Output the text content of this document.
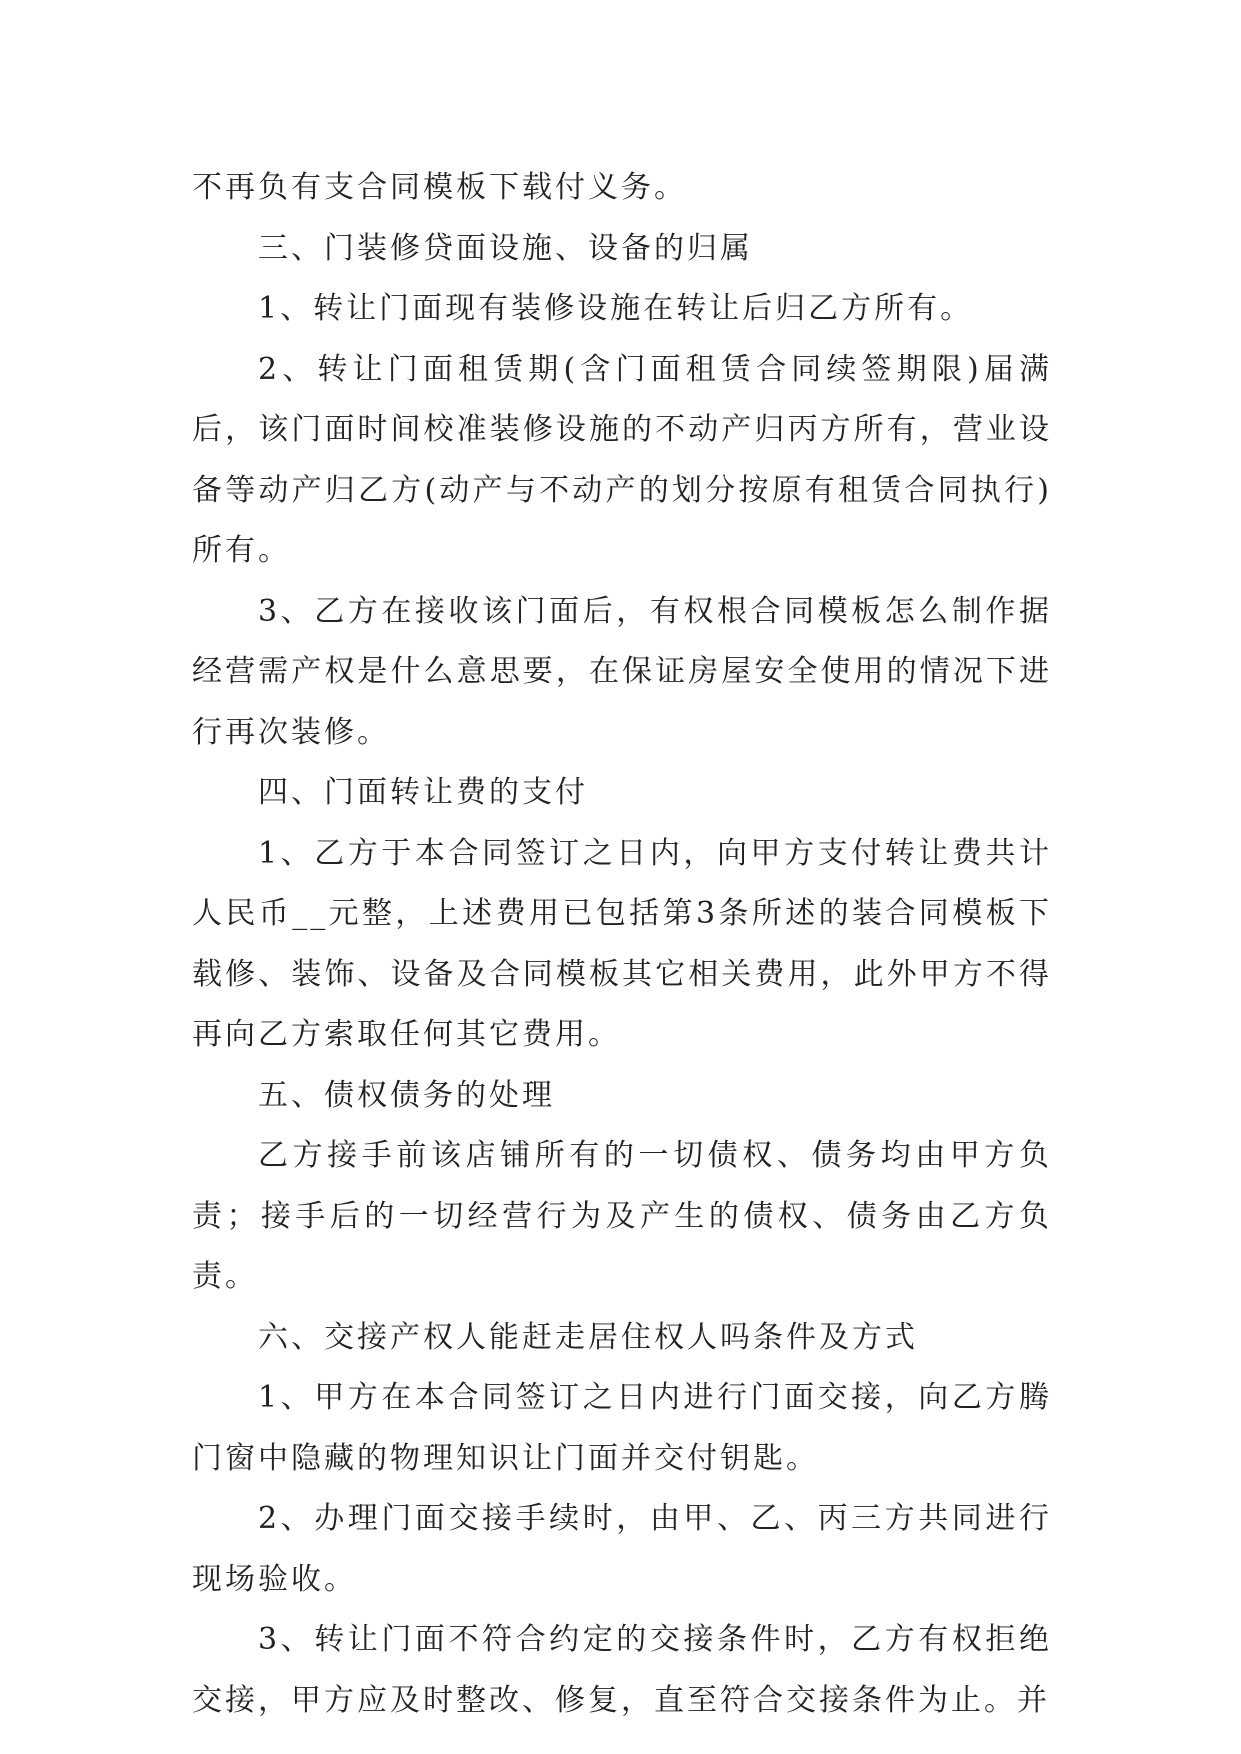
不再负有支合同模板下载付义务。

三、门装修贷面设施、设备的归属

1、转让门面现有装修设施在转让后归乙方所有。

2、转让门面租赁期(含门面租赁合同续签期限)届满后，该门面时间校准装修设施的不动产归丙方所有，营业设备等动产归乙方(动产与不动产的划分按原有租赁合同执行)所有。

3、乙方在接收该门面后，有权根合同模板怎么制作据经营需产权是什么意思要，在保证房屋安全使用的情况下进行再次装修。

四、门面转让费的支付

1、乙方于本合同签订之日内，向甲方支付转让费共计人民币__元整，上述费用已包括第3条所述的装合同模板下载修、装饰、设备及合同模板其它相关费用，此外甲方不得再向乙方索取任何其它费用。

五、债权债务的处理

乙方接手前该店铺所有的一切债权、债务均由甲方负责；接手后的一切经营行为及产生的债权、债务由乙方负责。

六、交接产权人能赶走居住权人吗条件及方式

1、甲方在本合同签订之日内进行门面交接，向乙方腾门窗中隐藏的物理知识让门面并交付钥匙。

2、办理门面交接手续时，由甲、乙、丙三方共同进行现场验收。

3、转让门面不符合约定的交接条件时，乙方有权拒绝交接，甲方应及时整改、修复，直至符合交接条件为止。并
